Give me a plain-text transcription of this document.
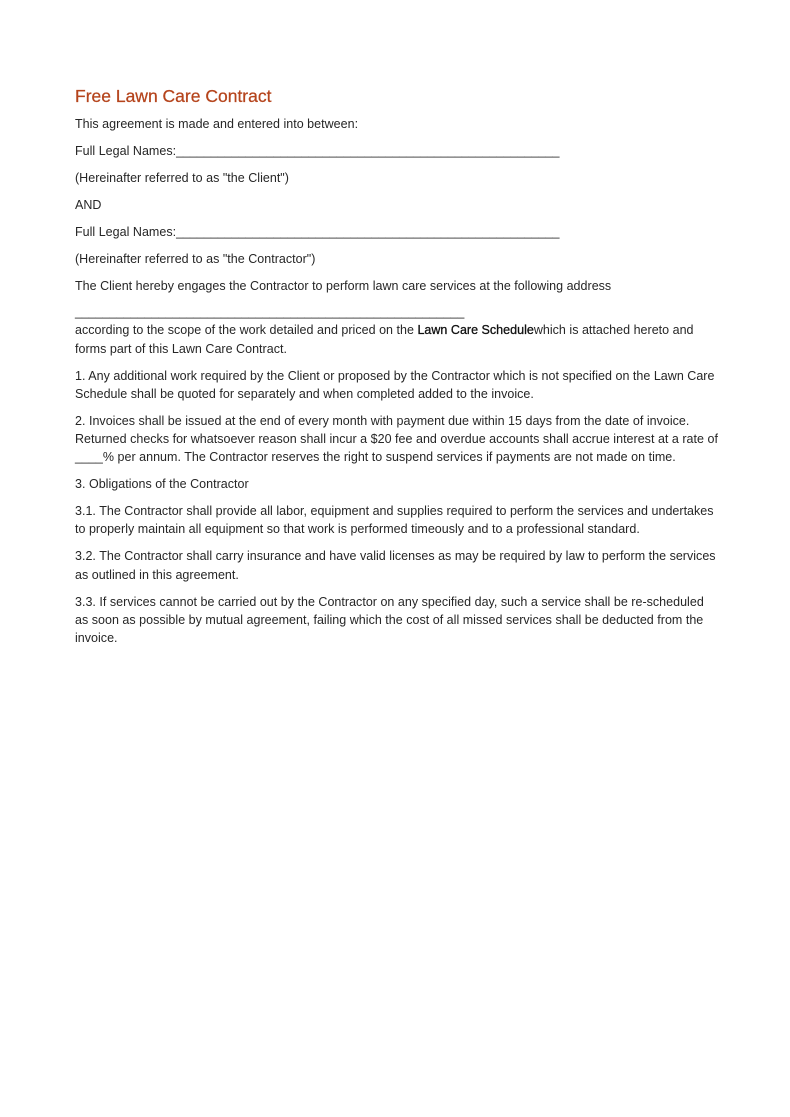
Free Lawn Care Contract

This agreement is made and entered into between:

Full Legal Names:_______________________________________________________

(Hereinafter referred to as "the Client")

AND

Full Legal Names:_______________________________________________________

(Hereinafter referred to as "the Contractor")

The Client hereby engages the Contractor to perform lawn care services at the following address

________________________________________________________

according to the scope of the work detailed and priced on the Lawn Care Schedulewhich is attached hereto and forms part of this Lawn Care Contract.

1. Any additional work required by the Client or proposed by the Contractor which is not specified on the Lawn Care Schedule shall be quoted for separately and when completed added to the invoice.

2. Invoices shall be issued at the end of every month with payment due within 15 days from the date of invoice. Returned checks for whatsoever reason shall incur a $20 fee and overdue accounts shall accrue interest at a rate of ____% per annum. The Contractor reserves the right to suspend services if payments are not made on time.

3. Obligations of the Contractor

3.1. The Contractor shall provide all labor, equipment and supplies required to perform the services and undertakes to properly maintain all equipment so that work is performed timeously and to a professional standard.

3.2. The Contractor shall carry insurance and have valid licenses as may be required by law to perform the services as outlined in this agreement.

3.3. If services cannot be carried out by the Contractor on any specified day, such a service shall be re-scheduled as soon as possible by mutual agreement, failing which the cost of all missed services shall be deducted from the invoice.
